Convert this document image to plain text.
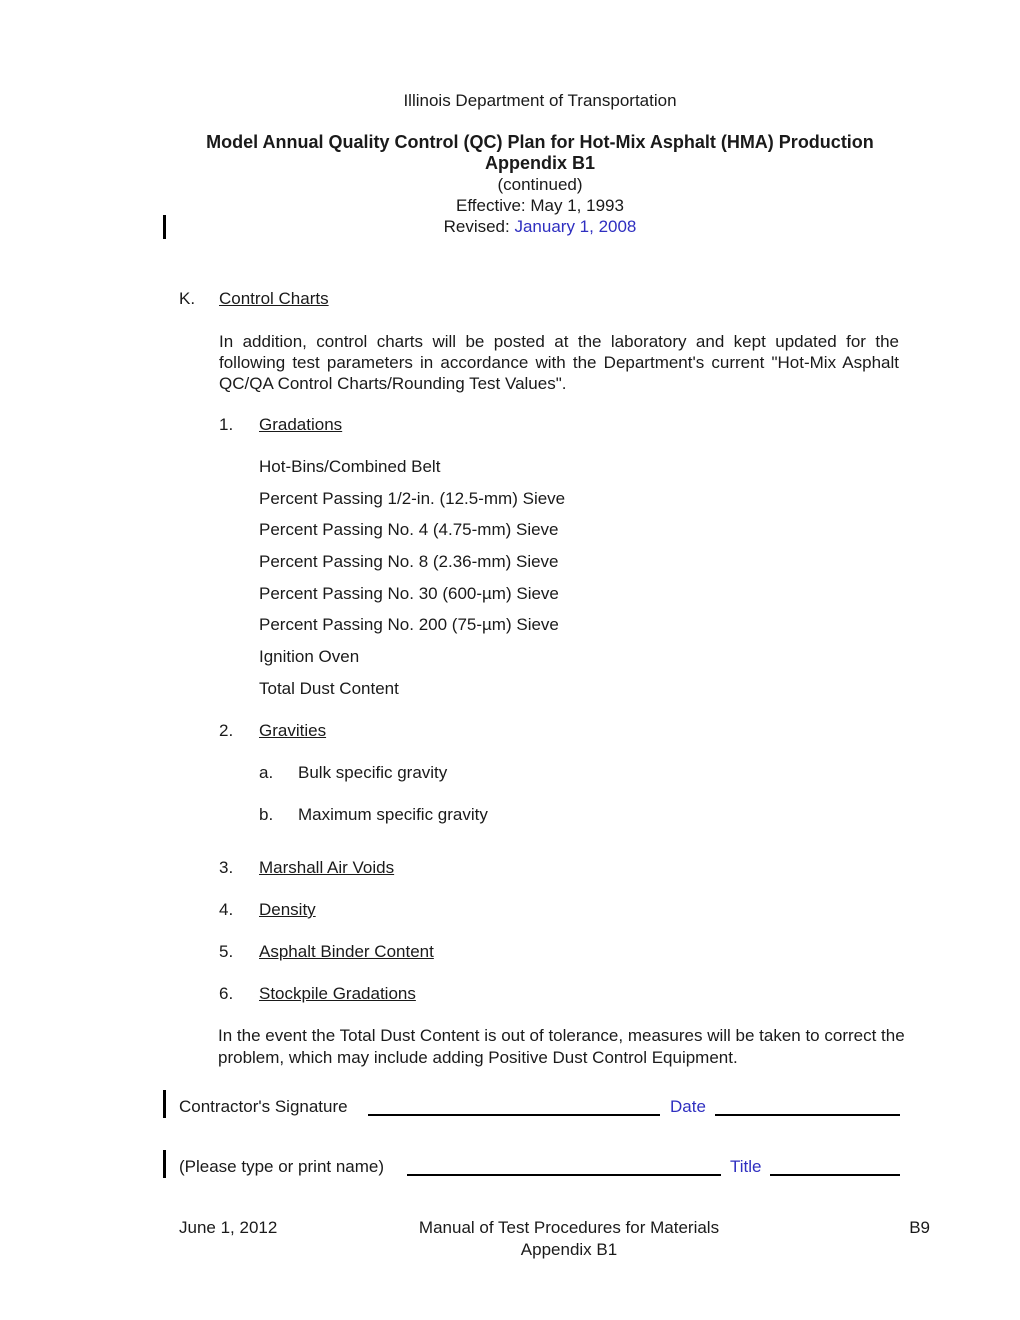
Illinois Department of Transportation
Model Annual Quality Control (QC) Plan for Hot-Mix Asphalt (HMA) Production
Appendix B1
(continued)
Effective: May 1, 1993
Revised: January 1, 2008
K. Control Charts
In addition, control charts will be posted at the laboratory and kept updated for the following test parameters in accordance with the Department's current "Hot-Mix Asphalt QC/QA Control Charts/Rounding Test Values".
1. Gradations
Hot-Bins/Combined Belt
Percent Passing 1/2-in. (12.5-mm) Sieve
Percent Passing No. 4 (4.75-mm) Sieve
Percent Passing No. 8 (2.36-mm) Sieve
Percent Passing No. 30 (600-µm) Sieve
Percent Passing No. 200 (75-µm) Sieve
Ignition Oven
Total Dust Content
2. Gravities
a. Bulk specific gravity
b. Maximum specific gravity
3. Marshall Air Voids
4. Density
5. Asphalt Binder Content
6. Stockpile Gradations
In the event the Total Dust Content is out of tolerance, measures will be taken to correct the problem, which may include adding Positive Dust Control Equipment.
Contractor's Signature	Date
(Please type or print name)	Title
June 1, 2012	Manual of Test Procedures for Materials
Appendix B1
B9
